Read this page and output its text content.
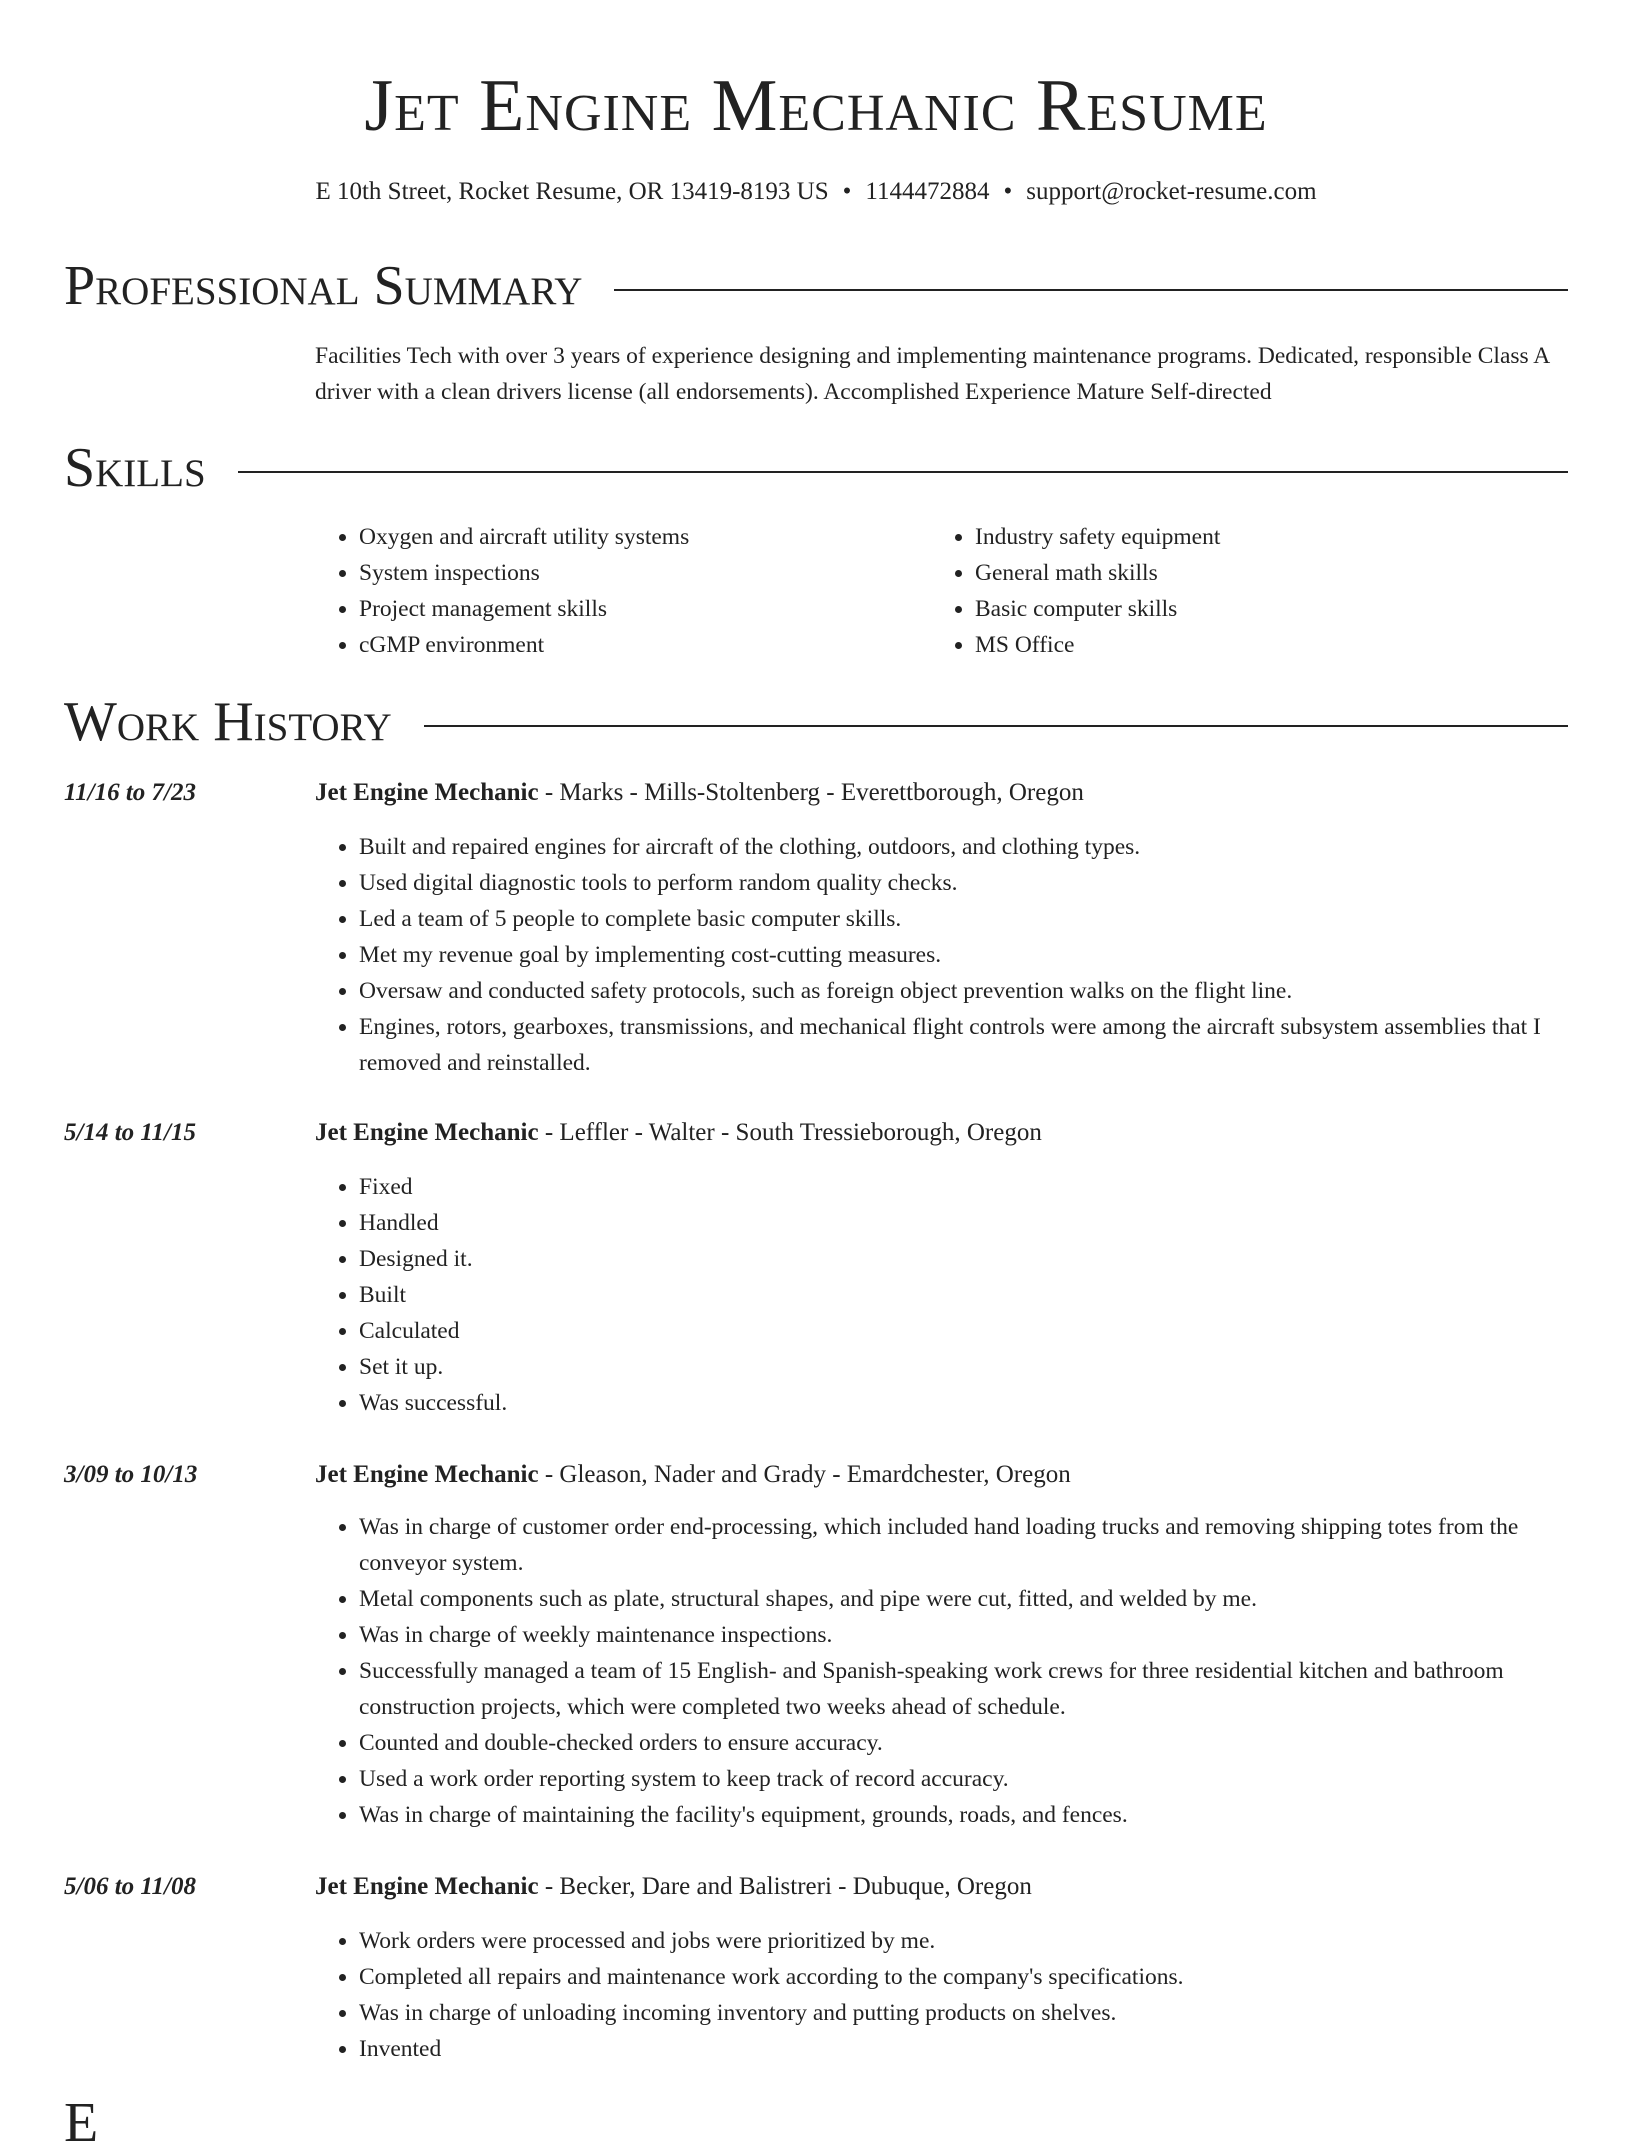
Jet Engine Mechanic Resume
E 10th Street, Rocket Resume, OR 13419-8193 US • 1144472884 • support@rocket-resume.com
Professional Summary
Facilities Tech with over 3 years of experience designing and implementing maintenance programs. Dedicated, responsible Class A driver with a clean drivers license (all endorsements). Accomplished Experience Mature Self-directed
Skills
• Oxygen and aircraft utility systems
• System inspections
• Project management skills
• cGMP environment
• Industry safety equipment
• General math skills
• Basic computer skills
• MS Office
Work History
11/16 to 7/23	Jet Engine Mechanic - Marks - Mills-Stoltenberg - Everettborough, Oregon
• Built and repaired engines for aircraft of the clothing, outdoors, and clothing types.
• Used digital diagnostic tools to perform random quality checks.
• Led a team of 5 people to complete basic computer skills.
• Met my revenue goal by implementing cost-cutting measures.
• Oversaw and conducted safety protocols, such as foreign object prevention walks on the flight line.
• Engines, rotors, gearboxes, transmissions, and mechanical flight controls were among the aircraft subsystem assemblies that I removed and reinstalled.
5/14 to 11/15	Jet Engine Mechanic - Leffler - Walter - South Tressieborough, Oregon
• Fixed
• Handled
• Designed it.
• Built
• Calculated
• Set it up.
• Was successful.
3/09 to 10/13	Jet Engine Mechanic - Gleason, Nader and Grady - Emardchester, Oregon
• Was in charge of customer order end-processing, which included hand loading trucks and removing shipping totes from the conveyor system.
• Metal components such as plate, structural shapes, and pipe were cut, fitted, and welded by me.
• Was in charge of weekly maintenance inspections.
• Successfully managed a team of 15 English- and Spanish-speaking work crews for three residential kitchen and bathroom construction projects, which were completed two weeks ahead of schedule.
• Counted and double-checked orders to ensure accuracy.
• Used a work order reporting system to keep track of record accuracy.
• Was in charge of maintaining the facility's equipment, grounds, roads, and fences.
5/06 to 11/08	Jet Engine Mechanic - Becker, Dare and Balistreri - Dubuque, Oregon
• Work orders were processed and jobs were prioritized by me.
• Completed all repairs and maintenance work according to the company's specifications.
• Was in charge of unloading incoming inventory and putting products on shelves.
• Invented
E
